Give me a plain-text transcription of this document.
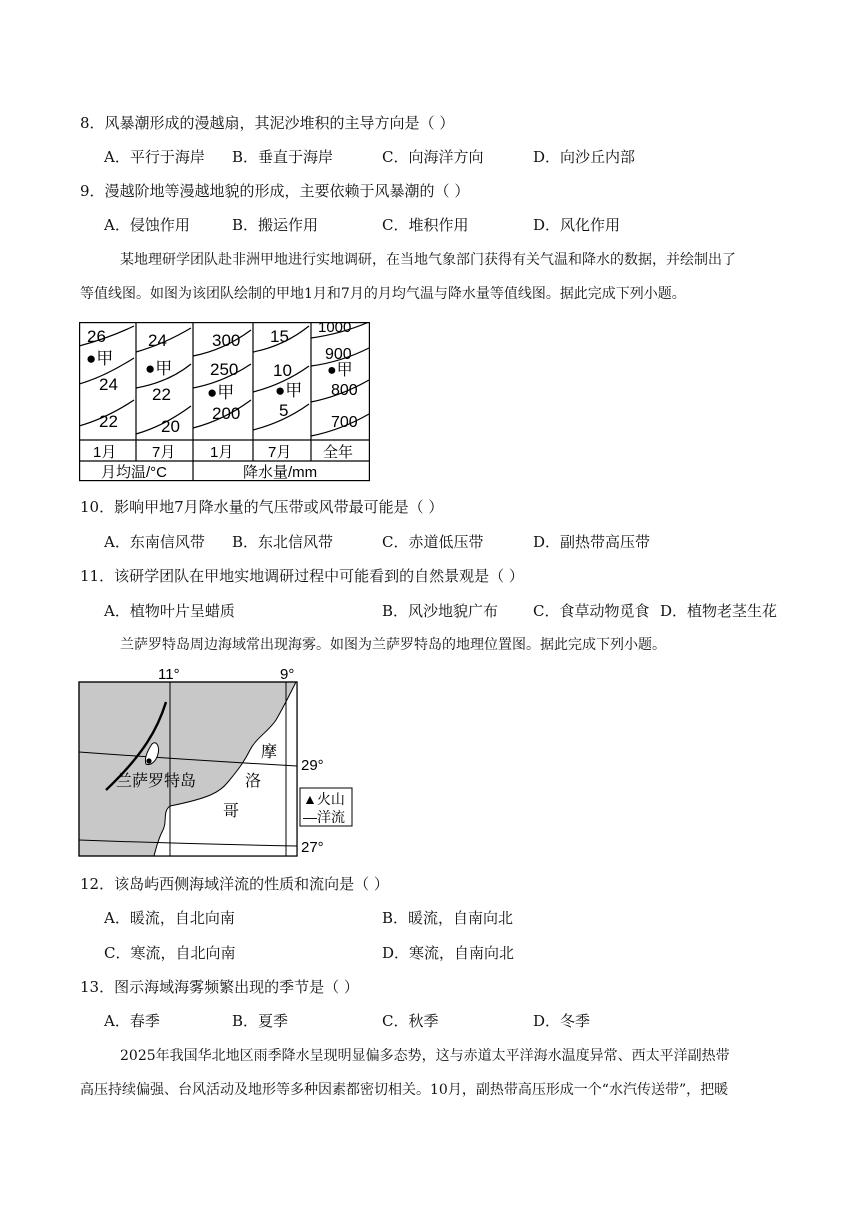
8．风暴潮形成的漫越扇，其泥沙堆积的主导方向是（ ）
A．平行于海岸 B．垂直于海岸	C．向海洋方向	D．向沙丘内部
9．漫越阶地等漫越地貌的形成，主要依赖于风暴潮的（ ）
A．侵蚀作用	B．搬运作用	C．堆积作用	D．风化作用
某地理研学团队赴非洲甲地进行实地调研，在当地气象部门获得有关气温和降水的数据，并绘制出了
等值线图。如图为该团队绘制的甲地1月和7月的月均气温与降水量等值线图。据此完成下列小题。
26
24
22
●甲
24
22
20
●甲
300
250
200
●甲
15
10
5
●甲
1000
900
800
700
●甲
1月 7月 1月 7月 全年
月均温/°C	降水量/mm
10．影响甲地7月降水量的气压带或风带最可能是（ ）
A．东南信风带 B．东北信风带	C．赤道低压带	D．副热带高压带
11．该研学团队在甲地实地调研过程中可能看到的自然景观是（ ）
A．植物叶片呈蜡质	B．风沙地貌广布 C．食草动物觅食 D．植物老茎生花
兰萨罗特岛周边海域常出现海雾。如图为兰萨罗特岛的地理位置图。据此完成下列小题。
11°	9°
29°
27°
兰萨罗特岛
摩
洛
哥
▲火山
—洋流
12．该岛屿西侧海域洋流的性质和流向是（ ）
A．暖流，自北向南	B．暖流，自南向北
C．寒流，自北向南	D．寒流，自南向北
13．图示海域海雾频繁出现的季节是（ ）
A．春季	B．夏季	C．秋季	D．冬季
2025年我国华北地区雨季降水呈现明显偏多态势，这与赤道太平洋海水温度异常、西太平洋副热带
高压持续偏强、台风活动及地形等多种因素都密切相关。10月，副热带高压形成一个“水汽传送带”，把暖
